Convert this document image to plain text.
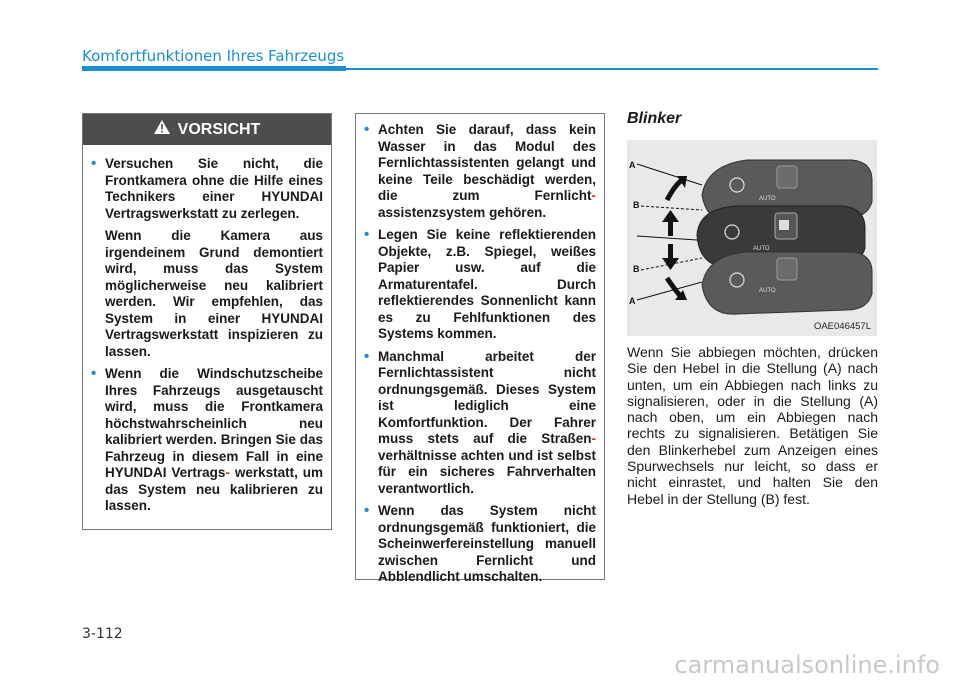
Komfortfunktionen Ihres Fahrzeugs
VORSICHT

• Versuchen Sie nicht, die Frontkamera ohne die Hilfe eines Technikers einer HYUNDAI Vertragswerkstatt zu zerlegen.

Wenn die Kamera aus irgendeinem Grund demontiert wird, muss das System möglicherweise neu kalibriert werden. Wir empfehlen, das System in einer HYUNDAI Vertragswerkstatt inspizieren zu lassen.

• Wenn die Windschutzscheibe Ihres Fahrzeugs ausgetauscht wird, muss die Frontkamera höchstwahrscheinlich neu kalibriert werden. Bringen Sie das Fahrzeug in diesem Fall in eine HYUNDAI Vertrags- werkstatt, um das System neu kalibrieren zu lassen.
• Achten Sie darauf, dass kein Wasser in das Modul des Fernlichtassistenten gelangt und keine Teile beschädigt werden, die zum Fernlicht- assistenzsystem gehören.
• Legen Sie keine reflektierenden Objekte, z.B. Spiegel, weißes Papier usw. auf die Armaturentafel. Durch reflektierendes Sonnenlicht kann es zu Fehlfunktionen des Systems kommen.
• Manchmal arbeitet der Fernlichtassistent nicht ordnungsgemäß. Dieses System ist lediglich eine Komfortfunktion. Der Fahrer muss stets auf die Straßen- verhältnisse achten und ist selbst für ein sicheres Fahrverhalten verantwortlich.
• Wenn das System nicht ordnungsgemäß funktioniert, die Scheinwerfereinstellung manuell zwischen Fernlicht und Abblendlicht umschalten.
Blinker
AUTO
AUTO
AUTO
A
B
B
A
OAE046457L
Wenn Sie abbiegen möchten, drücken Sie den Hebel in die Stellung (A) nach unten, um ein Abbiegen nach links zu signalisieren, oder in die Stellung (A) nach oben, um ein Abbiegen nach rechts zu signalisieren. Betätigen Sie den Blinkerhebel zum Anzeigen eines Spurwechsels nur leicht, so dass er nicht einrastet, und halten Sie den Hebel in der Stellung (B) fest.
3-112
carmanualsonline.info
